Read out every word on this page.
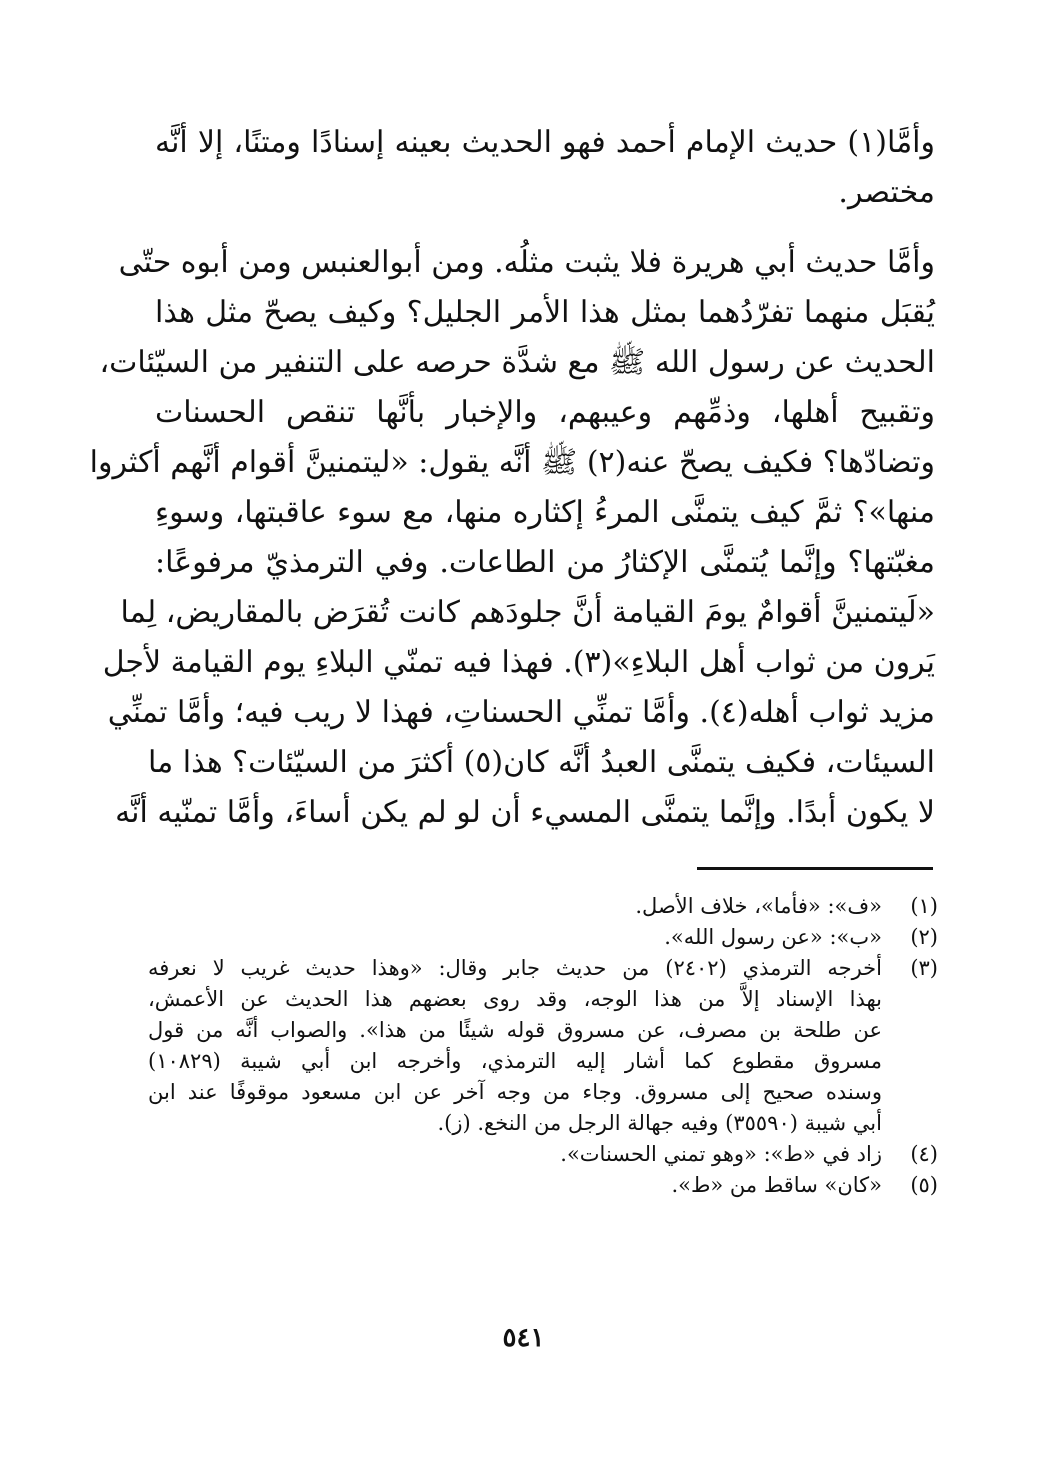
وأمَّا(١) حديث الإمام أحمد فهو الحديث بعينه إسنادًا ومتنًا، إلا أنَّه
مختصر.
وأمَّا حديث أبي هريرة فلا يثبت مثلُه. ومن أبوالعنبس ومن أبوه حتّى
يُقبَل منهما تفرّدُهما بمثل هذا الأمر الجليل؟ وكيف يصحّ مثل هذا
الحديث عن رسول الله ﷺ مع شدَّة حرصه على التنفير من السيّئات،
وتقبيح أهلها، وذمِّهم وعيبهم، والإخبار بأنَّها تنقص الحسنات
وتضادّها؟ فكيف يصحّ عنه(٢) ﷺ أنَّه يقول: «ليتمنينَّ أقوام أنَّهم أكثروا
منها»؟ ثمَّ كيف يتمنَّى المرءُ إكثاره منها، مع سوء عاقبتها، وسوءِ
مغبّتها؟ وإنَّما يُتمنَّى الإكثارُ من الطاعات. وفي الترمذيّ مرفوعًا:
«لَيتمنينَّ أقوامٌ يومَ القيامة أنَّ جلودَهم كانت تُقرَض بالمقاريض، لِما
يَرون من ثواب أهل البلاءِ»(٣). فهذا فيه تمنّي البلاءِ يوم القيامة لأجل
مزيد ثواب أهله(٤). وأمَّا تمنِّي الحسناتِ، فهذا لا ريب فيه؛ وأمَّا تمنِّي
السيئات، فكيف يتمنَّى العبدُ أنَّه كان(٥) أكثرَ من السيّئات؟ هذا ما
لا يكون أبدًا. وإنَّما يتمنَّى المسيء أن لو لم يكن أساءَ، وأمَّا تمنّيه أنَّه
(١)
«ف»: «فأما»، خلاف الأصل.
(٢)
«ب»: «عن رسول الله».
(٣)
أخرجه الترمذي (٢٤٠٢) من حديث جابر وقال: «وهذا حديث غريب لا نعرفه
بهذا الإسناد إلاَّ من هذا الوجه، وقد روى بعضهم هذا الحديث عن الأعمش،
عن طلحة بن مصرف، عن مسروق قوله شيئًا من هذا». والصواب أنَّه من قول
مسروق مقطوع كما أشار إليه الترمذي، وأخرجه ابن أبي شيبة (١٠٨٢٩)
وسنده صحيح إلى مسروق. وجاء من وجه آخر عن ابن مسعود موقوفًا عند ابن
أبي شيبة (٣٥٥٩٠) وفيه جهالة الرجل من النخع. (ز).
(٤)
زاد في «ط»: «وهو تمني الحسنات».
(٥)
«كان» ساقط من «ط».
٥٤١
